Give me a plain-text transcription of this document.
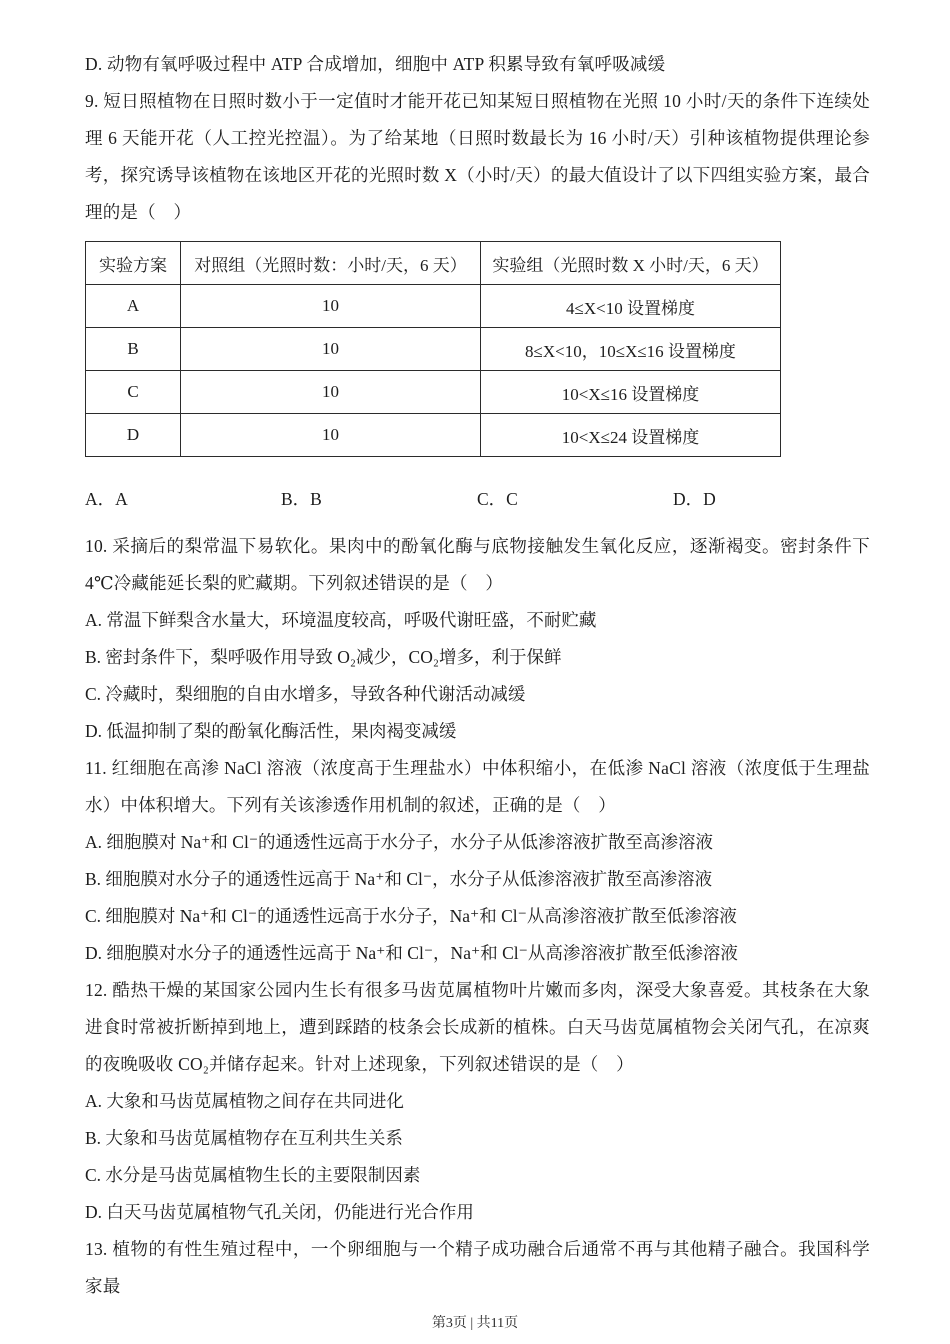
D. 动物有氧呼吸过程中 ATP 合成增加，细胞中 ATP 积累导致有氧呼吸减缓
9. 短日照植物在日照时数小于一定值时才能开花已知某短日照植物在光照 10 小时/天的条件下连续处理 6 天能开花（人工控光控温）。为了给某地（日照时数最长为 16 小时/天）引种该植物提供理论参考，探究诱导该植物在该地区开花的光照时数 X（小时/天）的最大值设计了以下四组实验方案，最合理的是（　）
实验方案	对照组（光照时数：小时/天，6 天）	实验组（光照时数 X 小时/天，6 天）
A	10	4≤X<10 设置梯度
B	10	8≤X<10，10≤X≤16 设置梯度
C	10	10<X≤16 设置梯度
D	10	10<X≤24 设置梯度
A．A	B．B	C．C	D．D
10. 采摘后的梨常温下易软化。果肉中的酚氧化酶与底物接触发生氧化反应，逐渐褐变。密封条件下 4℃冷藏能延长梨的贮藏期。下列叙述错误的是（　）
A. 常温下鲜梨含水量大，环境温度较高，呼吸代谢旺盛，不耐贮藏
B. 密封条件下，梨呼吸作用导致 O₂减少，CO₂增多，利于保鲜
C. 冷藏时，梨细胞的自由水增多，导致各种代谢活动减缓
D. 低温抑制了梨的酚氧化酶活性，果肉褐变减缓
11. 红细胞在高渗 NaCl 溶液（浓度高于生理盐水）中体积缩小，在低渗 NaCl 溶液（浓度低于生理盐水）中体积增大。下列有关该渗透作用机制的叙述，正确的是（　）
A. 细胞膜对 Na⁺和 Cl⁻的通透性远高于水分子，水分子从低渗溶液扩散至高渗溶液
B. 细胞膜对水分子的通透性远高于 Na⁺和 Cl⁻，水分子从低渗溶液扩散至高渗溶液
C. 细胞膜对 Na⁺和 Cl⁻的通透性远高于水分子，Na⁺和 Cl⁻从高渗溶液扩散至低渗溶液
D. 细胞膜对水分子的通透性远高于 Na⁺和 Cl⁻，Na⁺和 Cl⁻从高渗溶液扩散至低渗溶液
12. 酷热干燥的某国家公园内生长有很多马齿苋属植物叶片嫩而多肉，深受大象喜爱。其枝条在大象进食时常被折断掉到地上，遭到踩踏的枝条会长成新的植株。白天马齿苋属植物会关闭气孔，在凉爽的夜晚吸收 CO₂并储存起来。针对上述现象，下列叙述错误的是（　）
A. 大象和马齿苋属植物之间存在共同进化
B. 大象和马齿苋属植物存在互利共生关系
C. 水分是马齿苋属植物生长的主要限制因素
D. 白天马齿苋属植物气孔关闭，仍能进行光合作用
13. 植物的有性生殖过程中，一个卵细胞与一个精子成功融合后通常不再与其他精子融合。我国科学家最
第3页 | 共11页
